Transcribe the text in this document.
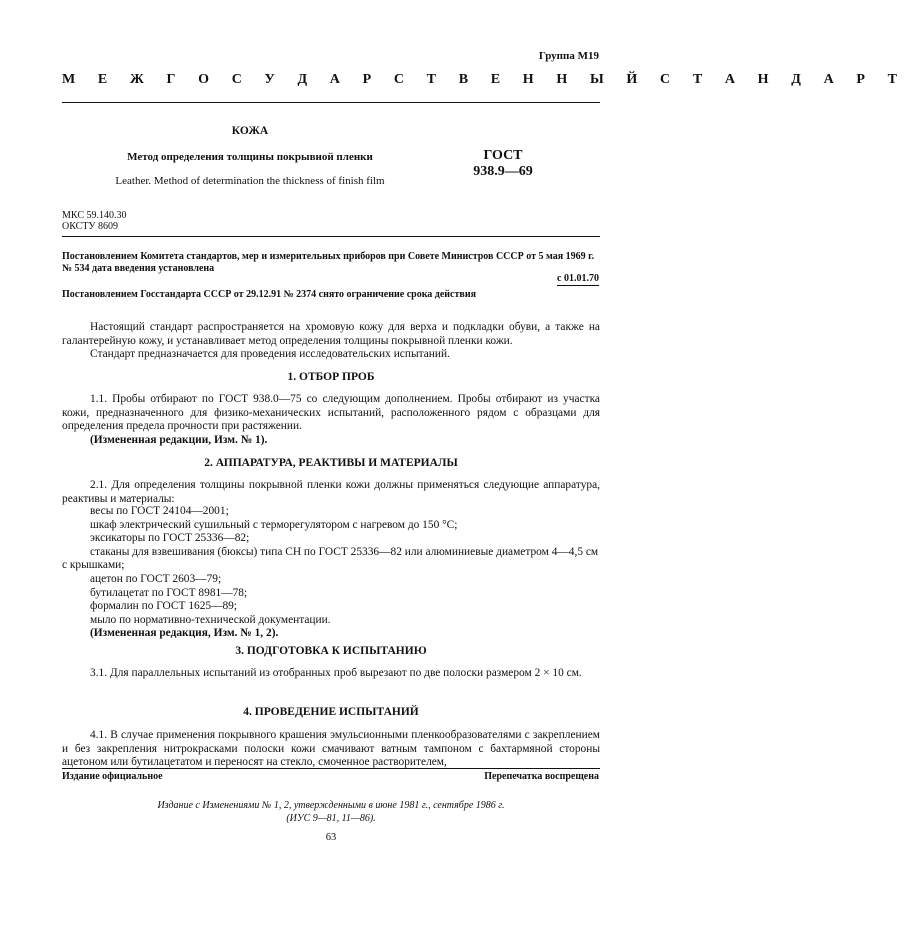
Группа М19
М Е Ж Г О С У Д А Р С Т В Е Н Н Ы Й С Т А Н Д А Р Т
КОЖА
Метод определения толщины покрывной пленки
Leather. Method of determination the thickness of finish film
ГОСТ
938.9—69
МКС 59.140.30
ОКСТУ 8609
Постановлением Комитета стандартов, мер и измерительных приборов при Совете Министров СССР от 5 мая 1969 г.
№ 534 дата введения установлена
с 01.01.70
Постановлением Госстандарта СССР от 29.12.91 № 2374 снято ограничение срока действия

Настоящий стандарт распространяется на хромовую кожу для верха и подкладки обуви, а также на галантерейную кожу, и устанавливает метод определения толщины покрывной пленки кожи.

Стандарт предназначается для проведения исследовательских испытаний.

1. ОТБОР ПРОБ

1.1. Пробы отбирают по ГОСТ 938.0—75 со следующим дополнением. Пробы отбирают из участка кожи, предназначенного для физико-механических испытаний, расположенного рядом с образцами для определения предела прочности при растяжении.

(Измененная редакции, Изм. № 1).

2. АППАРАТУРА, РЕАКТИВЫ И МАТЕРИАЛЫ

2.1. Для определения толщины покрывной пленки кожи должны применяться следующие аппаратура, реактивы и материалы:

весы по ГОСТ 24104—2001;
шкаф электрический сушильный с терморегулятором с нагревом до 150 °С;
эксикаторы по ГОСТ 25336—82;
стаканы для взвешивания (бюксы) типа СН по ГОСТ 25336—82 или алюминиевые диаметром 4—4,5 см с крышками;
ацетон по ГОСТ 2603—79;
бутилацетат по ГОСТ 8981—78;
формалин по ГОСТ 1625—89;
мыло по нормативно-технической документации.
(Измененная редакция, Изм. № 1, 2).
3. ПОДГОТОВКА К ИСПЫТАНИЮ

3.1. Для параллельных испытаний из отобранных проб вырезают по две полоски размером 2 × 10 см.

4. ПРОВЕДЕНИЕ ИСПЫТАНИЙ

4.1. В случае применения покрывного крашения эмульсионными пленкообразователями с закреплением и без закрепления нитрокрасками полоски кожи смачивают ватным тампоном с бахтармяной стороны ацетоном или бутилацетатом и переносят на стекло, смоченное растворителем,

Издание официальное	Перепечатка воспрещена
Издание с Изменениями № 1, 2, утвержденными в июне 1981 г., сентябре 1986 г.
(ИУС 9—81, 11—86).
63
